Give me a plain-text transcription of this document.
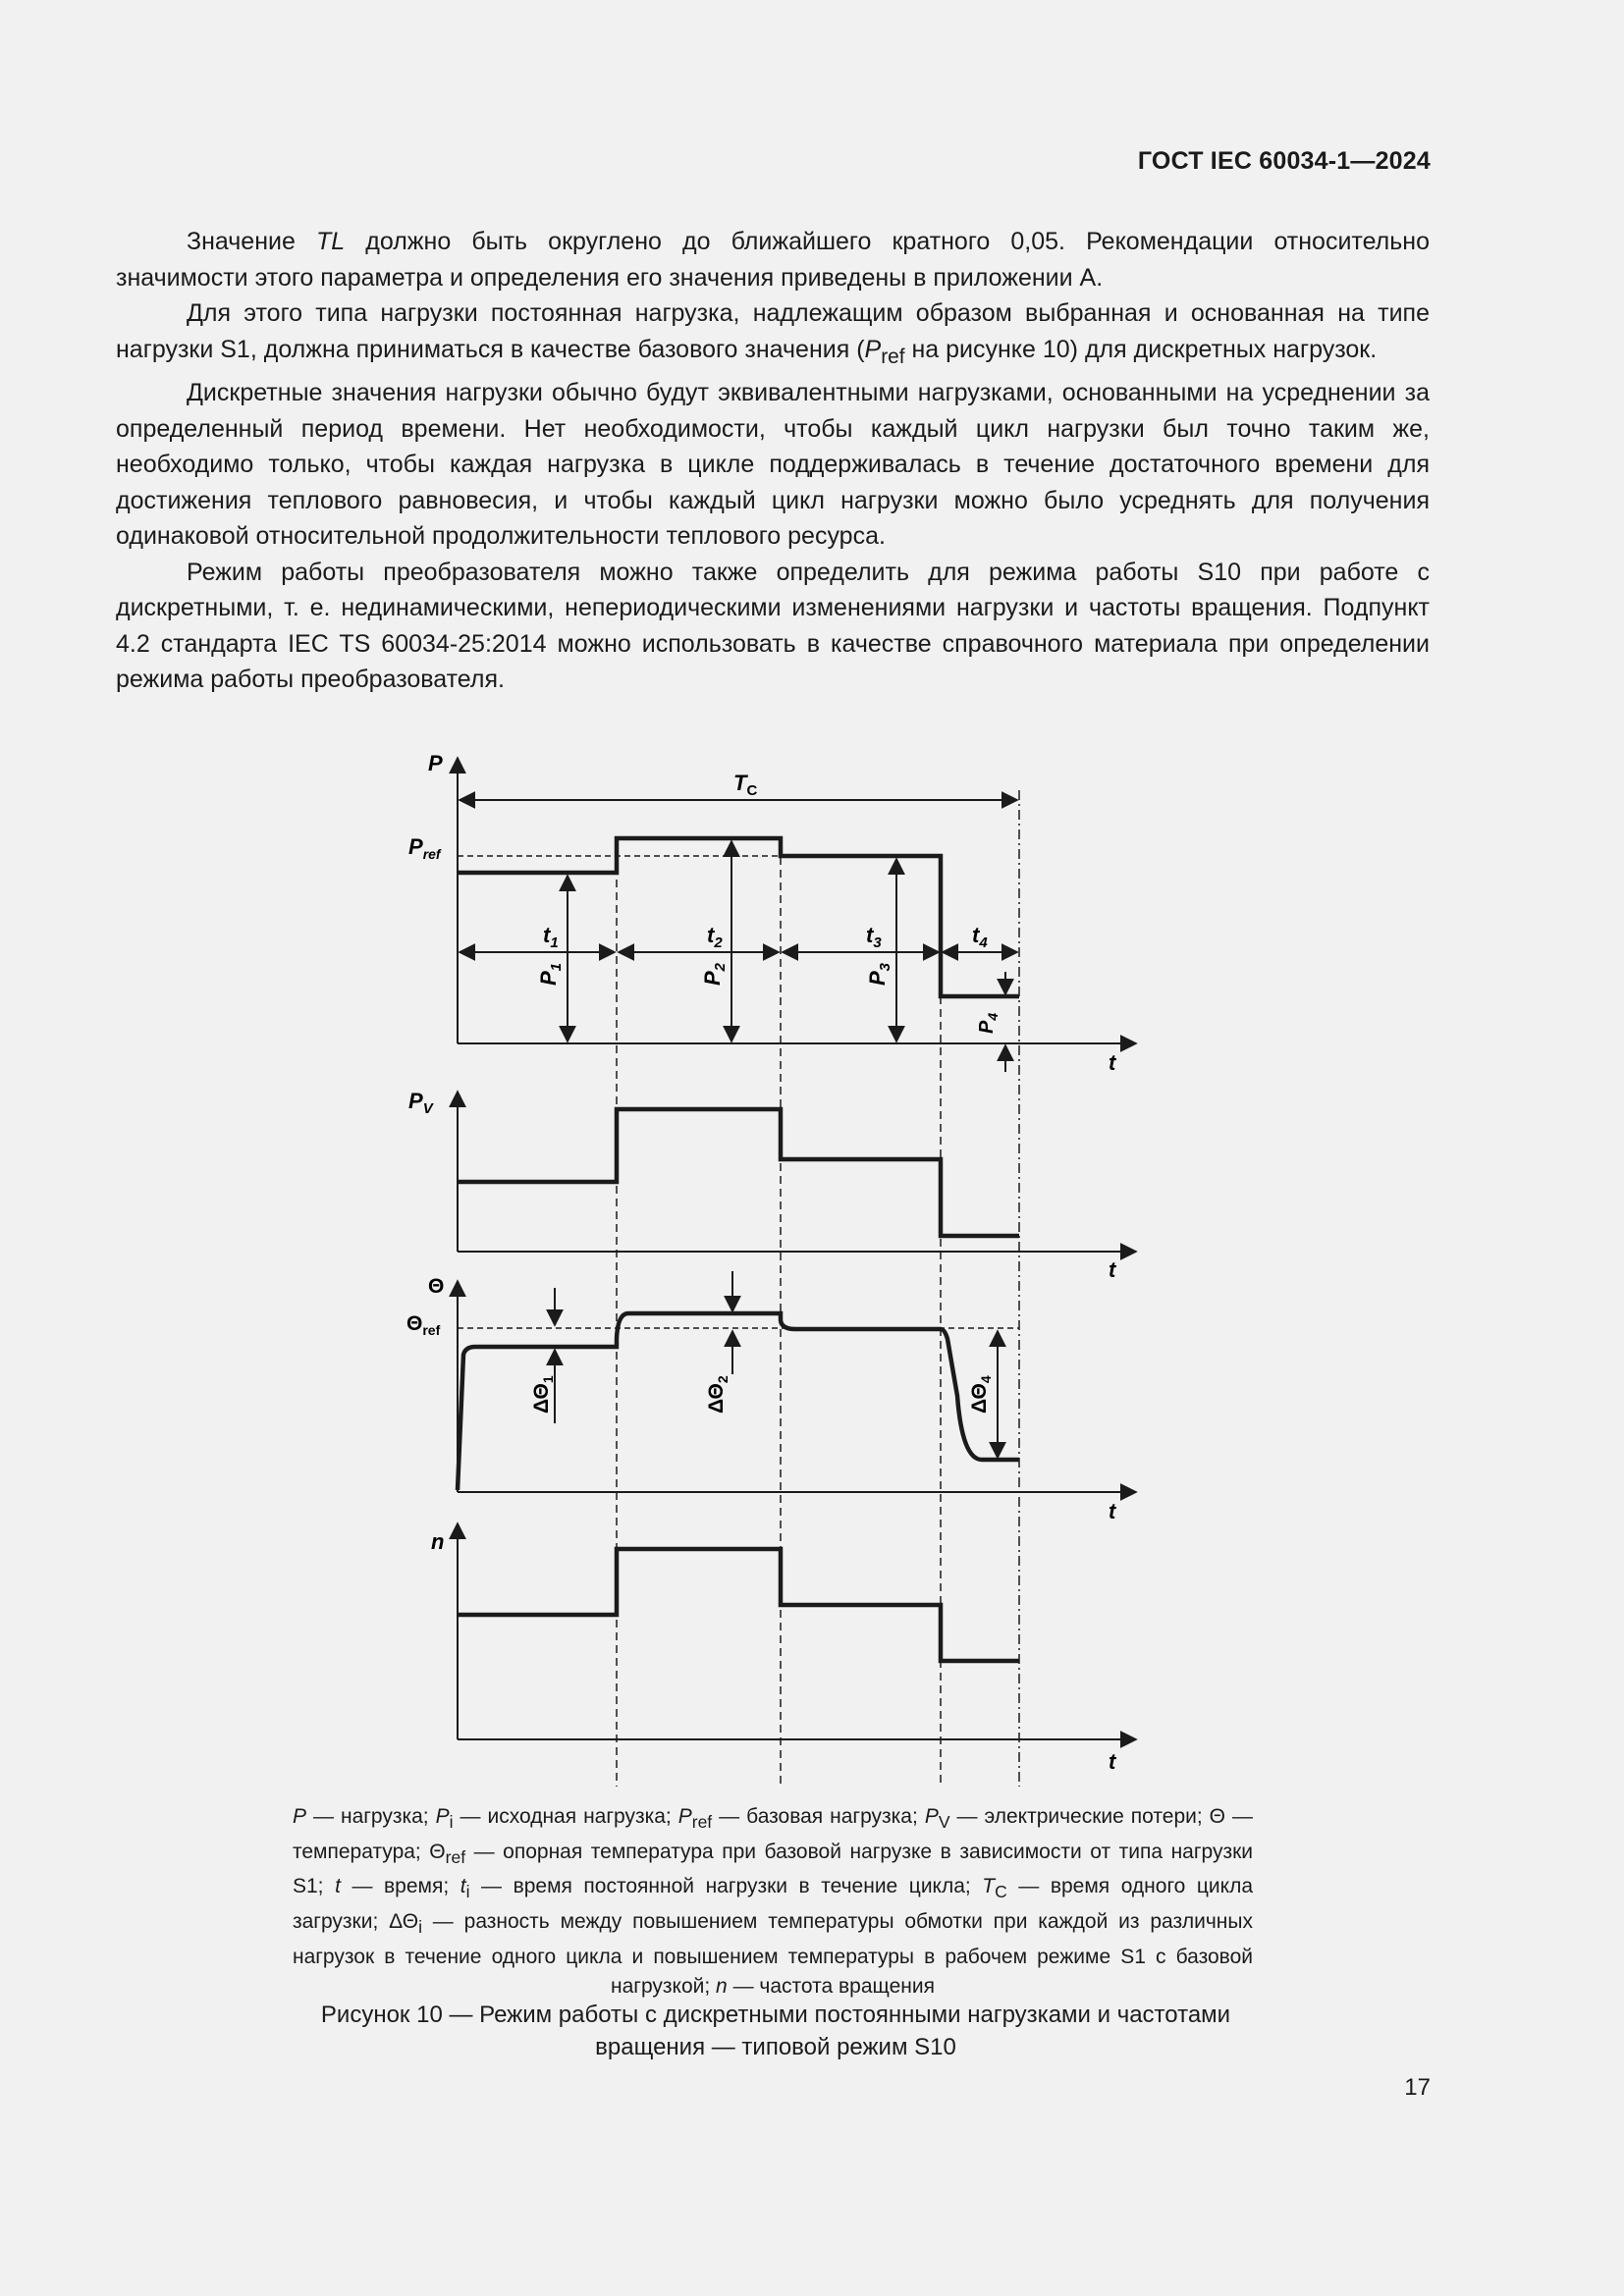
ГОСТ IEC 60034-1—2024

Значение TL должно быть округлено до ближайшего кратного 0,05. Рекомендации относительно значимости этого параметра и определения его значения приведены в приложении А.

Для этого типа нагрузки постоянная нагрузка, надлежащим образом выбранная и основанная на типе нагрузки S1, должна приниматься в качестве базового значения ($P_{ref}$ на рисунке 10) для дискретных нагрузок.

Дискретные значения нагрузки обычно будут эквивалентными нагрузками, основанными на усреднении за определенный период времени. Нет необходимости, чтобы каждый цикл нагрузки был точно таким же, необходимо только, чтобы каждая нагрузка в цикле поддерживалась в течение достаточного времени для достижения теплового равновесия, и чтобы каждый цикл нагрузки можно было усреднять для получения одинаковой относительной продолжительности теплового ресурса.

Режим работы преобразователя можно также определить для режима работы S10 при работе с дискретными, т. е. нединамическими, непериодическими изменениями нагрузки и частоты вращения. Подпункт 4.2 стандарта IEC TS 60034-25:2014 можно использовать в качестве справочного материала при определении режима работы преобразователя.

P
$P_{ref}$
$T_C$
$t_1$	$t_2$	$t_3$	$t_4$
$P_1$
$P_2$
$P_3$
$P_4$
t
$P_V$
t
Θ
$\Theta_{ref}$
$\Delta\Theta_1$
$\Delta\Theta_2$
$\Delta\Theta_4$
t
n
t
P — нагрузка; $P_i$ — исходная нагрузка; $P_{ref}$ — базовая нагрузка; $P_V$ — электрические потери; Θ — температура; $\Theta_{ref}$ — опорная температура при базовой нагрузке в зависимости от типа нагрузки S1; t — время; $t_i$ — время постоянной нагрузки в течение цикла; $T_C$ — время одного цикла загрузки; $\Delta\Theta_i$ — разность между повышением температуры обмотки при каждой из различных нагрузок в течение одного цикла и повышением температуры в рабочем режиме S1 с базовой нагрузкой; n — частота вращения
Рисунок 10 — Режим работы с дискретными постоянными нагрузками и частотами
вращения — типовой режим S10
17
